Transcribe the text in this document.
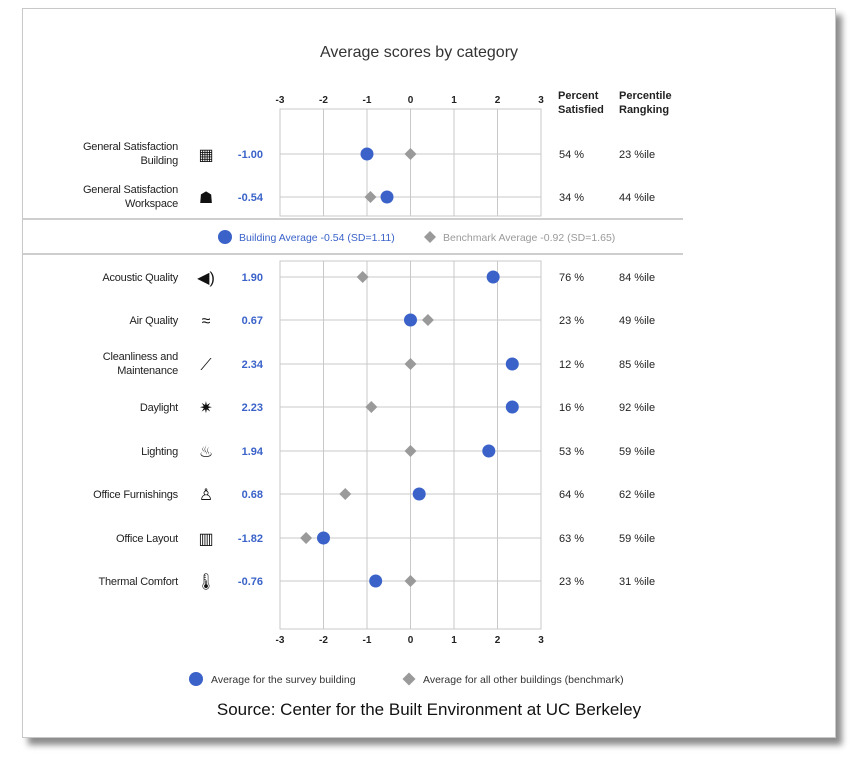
Average scores by category
-3	-2	-1	0	1	2	3
-3	-2	-1	0	1	2	3
Percent
Satisfied
Percentile
Rangking
General Satisfaction
Building ▦ -1.00	54 %	23 %ile
General Satisfaction
Workspace ☗ -0.54	34 %	44 %ile
Acoustic Quality ◀) 1.90	76 %	84 %ile
Air Quality ≈	0.67	23 %	49 %ile
Cleanliness and
Maintenance ⟋	2.34	12 %	85 %ile
Daylight ✷	2.23	16 %	92 %ile
Lighting ♨	1.94	53 %	59 %ile
Office Furnishings ♙	0.68	64 %	62 %ile
Office Layout ▥ -1.82	63 %	59 %ile
Thermal Comfort 🌡 -0.76	23 %	31 %ile
Building Average -0.54 (SD=1.11)	Benchmark Average -0.92 (SD=1.65)
Average for the survey building	Average for all other buildings (benchmark)
Source: Center for the Built Environment at UC Berkeley
